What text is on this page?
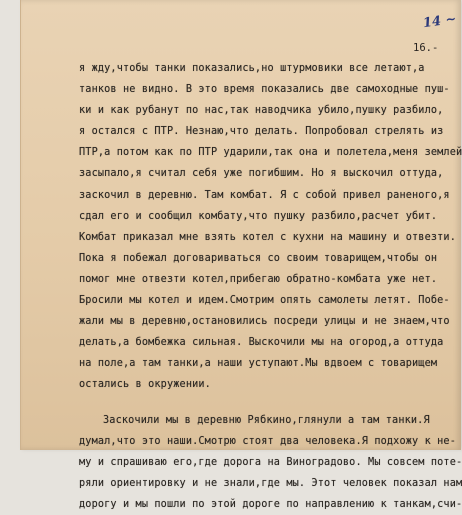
14 ~
16.-
я жду,чтобы танки показались,но штурмовики все летают,а
танков не видно. В это время показались две самоходные пуш-
ки и как рубанут по нас,так наводчика убило,пушку разбило,
я остался с ПТР. Незнаю,что делать. Попробовал стрелять из
ПТР,а потом как по ПТР ударили,так она и полетела,меня землей
засыпало,я считал себя уже погибшим. Но я выскочил оттуда,
заскочил в деревню. Там комбат. Я с собой привел раненого,я
сдал его и сообщил комбату,что пушку разбило,расчет убит.
Комбат приказал мне взять котел с кухни на машину и отвезти.
Пока я побежал договариваться со своим товарищем,чтобы он
помог мне отвезти котел,прибегаю обратно-комбата уже нет.
Бросили мы котел и идем.Смотрим опять самолеты летят. Побе-
жали мы в деревню,остановились посреди улицы и не знаем,что
делать,а бомбежка сильная. Выскочили мы на огород,а оттуда
на поле,а там танки,а наши уступают.Мы вдвоем с товарищем
остались в окружении.
Заскочили мы в деревню Рябкино,глянули а там танки.Я
думал,что это наши.Смотрю стоят два человека.Я подхожу к не-
му и спрашиваю его,где дорога на Виноградово. Мы совсем поте-
ряли ориентировку и не знали,где мы. Этот человек показал нам
дорогу и мы пошли по этой дороге по направлению к танкам,счи-
